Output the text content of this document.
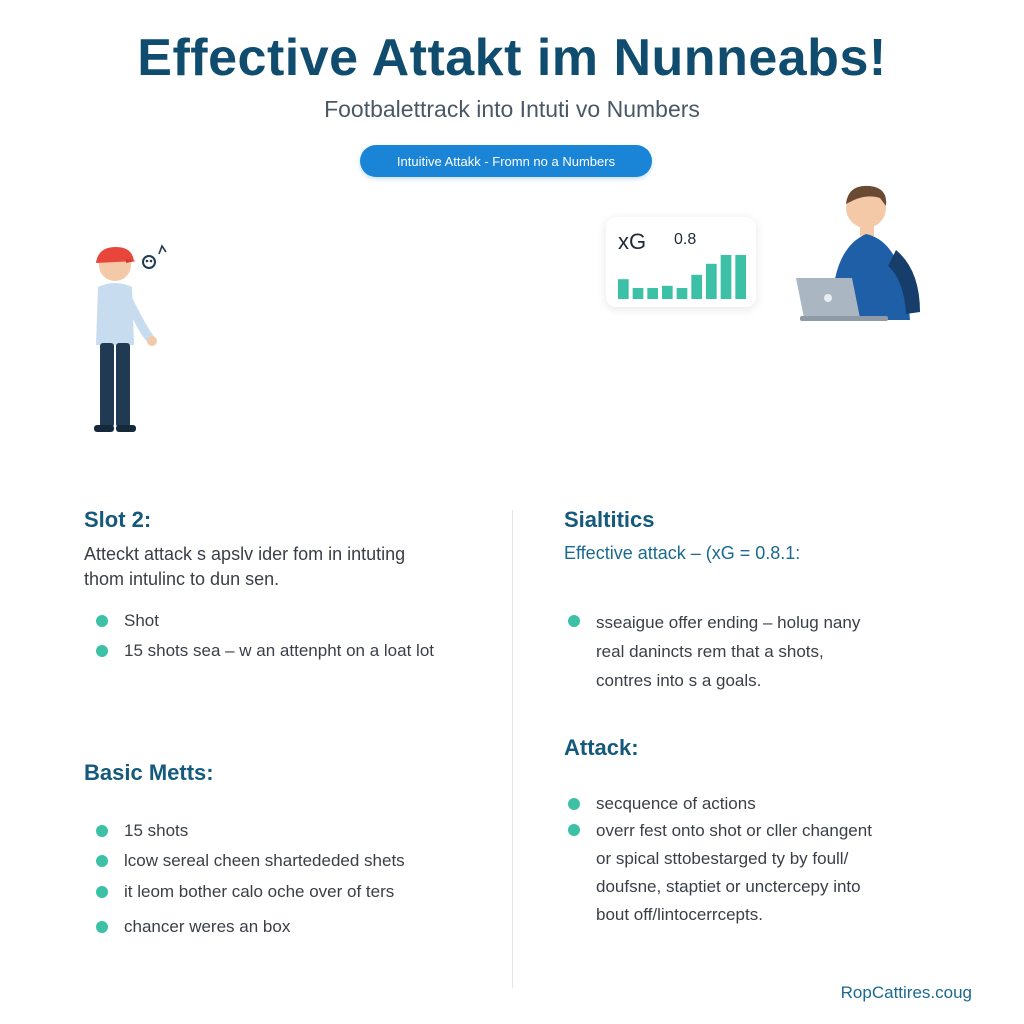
Effective Attakt im Nunneabs!
Footbalettrack into Intuti vo Numbers
Intuitive Attakk - Fromn no a Numbers
xG 0.8
Slot 2:
Atteckt attack s apslv ider fom in intuting
thom intulinc to dun sen.
Shot
15 shots sea – w an attenpht on a loat lot
Basic Metts:
15 shots
lcow sereal cheen shartededed shets
it leom bother calo oche over of ters
chancer weres an box
Sialtitics
Effective attack – (xG = 0.8.1:
sseaigue offer ending – holug nany
real danincts rem that a shots,
contres into s a goals.
Attack:
secquence of actions
overr fest onto shot or cller changent
or spical sttobestarged ty by foull/
doufsne, staptiet or unctercepy into
bout off/lintocerrcepts.
RopCattires.coug
